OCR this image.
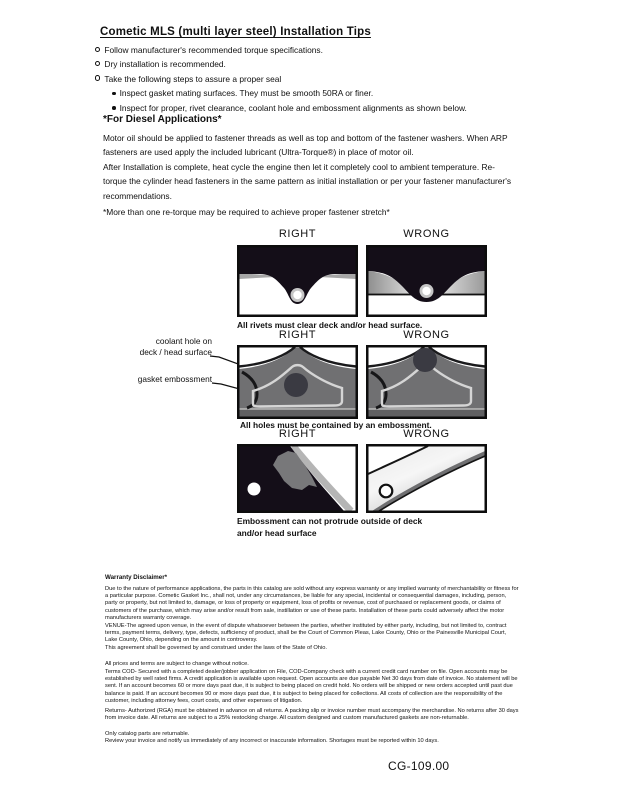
Cometic MLS (multi layer steel) Installation Tips
Follow manufacturer's recommended torque specifications.
Dry installation is recommended.
Take the following steps to assure a proper seal
Inspect gasket mating surfaces. They must be smooth 50RA or finer.
Inspect for proper, rivet clearance, coolant hole and embossment alignments as shown below.
*For Diesel Applications*
Motor oil should be applied to fastener threads as well as top and bottom of the fastener washers. When ARP fasteners are used apply the included lubricant (Ultra-Torque®) in place of motor oil.
After Installation is complete, heat cycle the engine then let it completely cool to ambient temperature. Re-torque the cylinder head fasteners in the same pattern as initial installation or per your fastener manufacturer's recommendations.
*More than one re-torque may be required to achieve proper fastener stretch*
RIGHT	WRONG
All rivets must clear deck and/or head surface.
RIGHT	WRONG
coolant hole on
deck / head surface
gasket embossment
All holes must be contained by an embossment.
RIGHT	WRONG
Embossment can not protrude outside of deck
and/or head surface
Warranty Disclaimer*
Due to the nature of performance applications, the parts in this catalog are sold without any express warranty or any implied warranty of merchantability or fitness for a particular purpose. Cometic Gasket Inc., shall not, under any circumstances, be liable for any special, incidental or consequential damages, including, person, party or property, but not limited to, damage, or loss of property or equipment, loss of profits or revenue, cost of purchased or replacement goods, or claims of customers of the purchase, which may arise and/or result from sale, instillation or use of these parts. Installation of these parts could adversely affect the motor manufacturers warranty coverage.
VENUE-The agreed upon venue, in the event of dispute whatsoever between the parties, whether instituted by either party, including, but not limited to, contract terms, payment terms, delivery, type, defects, sufficiency of product, shall be the Court of Common Pleas, Lake County, Ohio or the Painesville Municipal Court, Lake County, Ohio, depending on the amount in controversy.
This agreement shall be governed by and construed under the laws of the State of Ohio.
All prices and terms are subject to change without notice.
Terms COD- Secured with a completed dealer/jobber application on File, COD-Company check with a current credit card number on file. Open accounts may be established by well rated firms. A credit application is available upon request. Open accounts are due payable Net 30 days from date of invoice. No statement will be sent. If an account becomes 60 or more days past due, it is subject to being placed on credit hold. No orders will be shipped or new orders accepted until past due balance is paid. If an account becomes 90 or more days past due, it is subject to being placed for collections. All costs of collection are the responsibility of the customer, including attorney fees, court costs, and other expenses of litigation.
Returns- Authorized (RGA) must be obtained in advance on all returns. A packing slip or invoice number must accompany the merchandise. No returns after 30 days from invoice date. All returns are subject to a 25% restocking charge. All custom designed and custom manufactured gaskets are non-returnable.
Only catalog parts are returnable.
Review your invoice and notify us immediately of any incorrect or inaccurate information. Shortages must be reported within 10 days.
CG-109.00
